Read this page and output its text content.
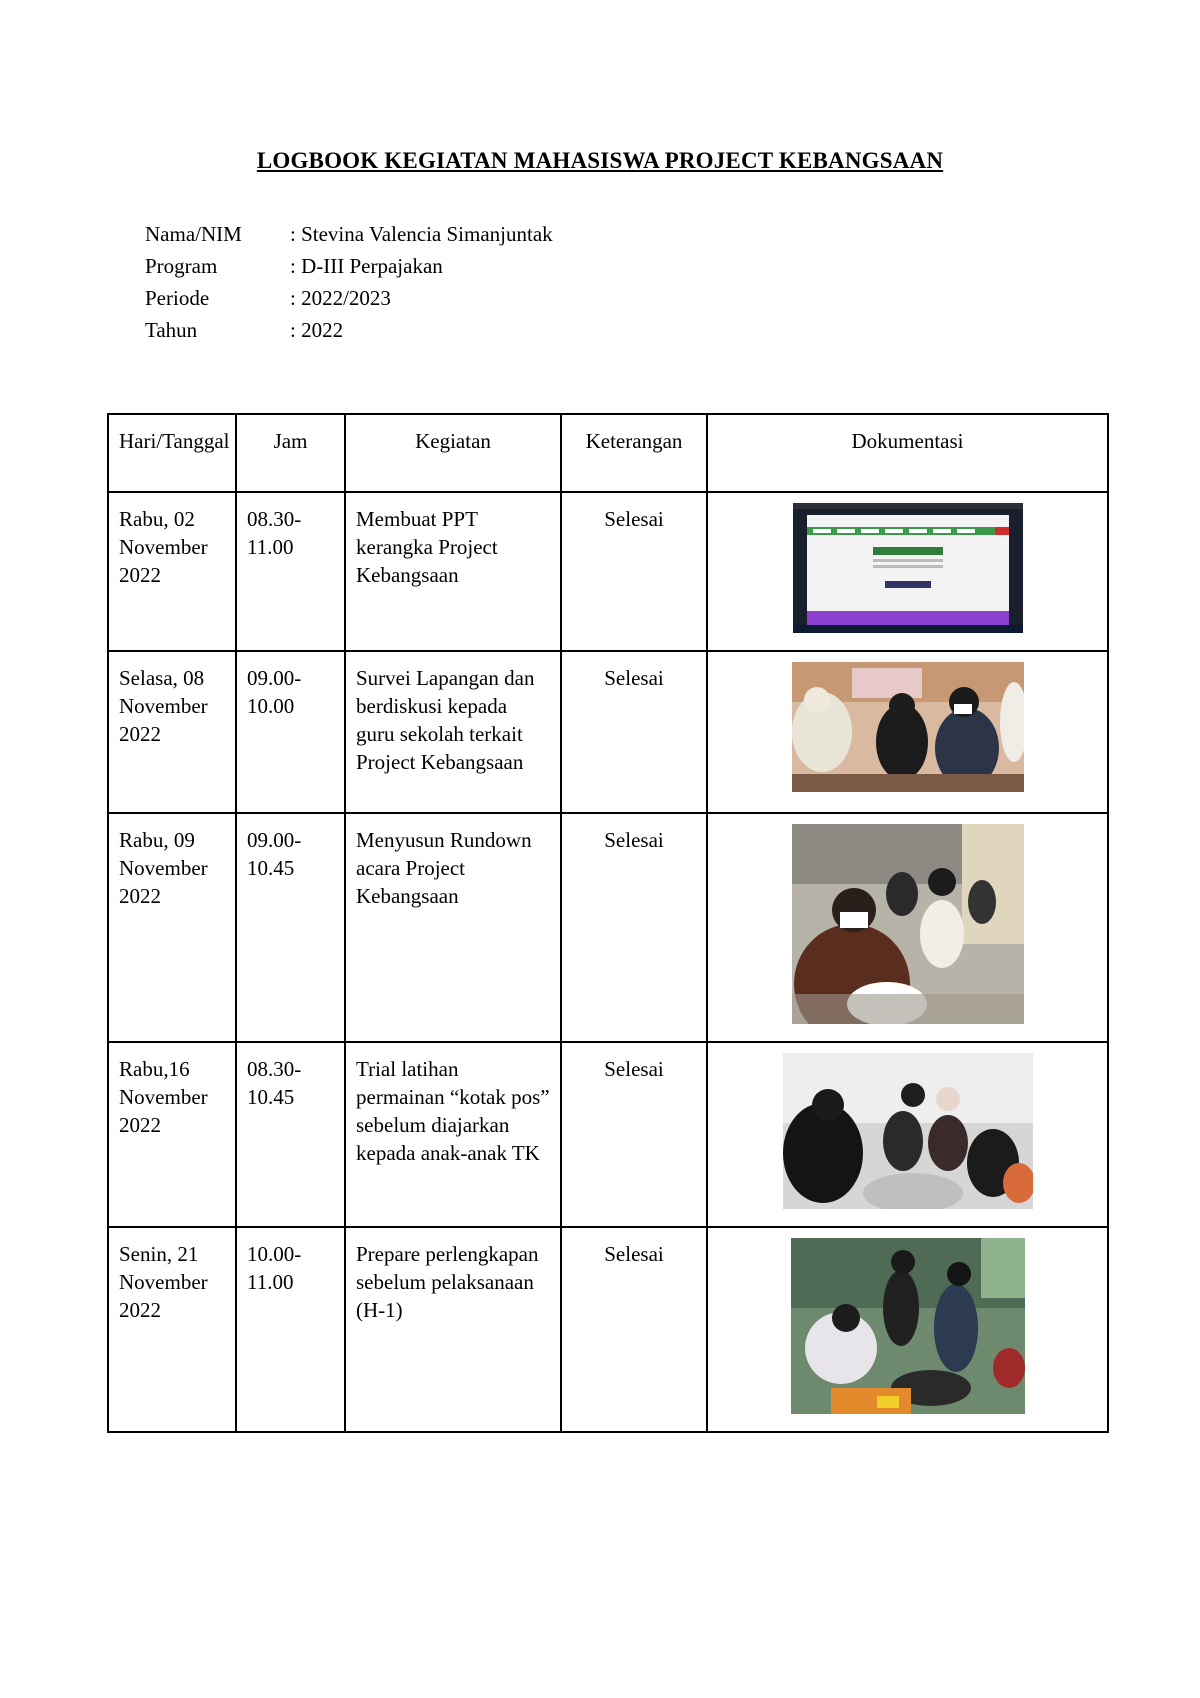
LOGBOOK KEGIATAN MAHASISWA PROJECT KEBANGSAAN
Nama/NIM	: Stevina Valencia Simanjuntak
Program	: D-III Perpajakan
Periode	: 2022/2023
Tahun	: 2022
Hari/Tanggal	Jam	Kegiatan	Keterangan	Dokumentasi
Rabu, 02 November 2022	08.30-11.00	Membuat PPT kerangka Project Kebangsaan	Selesai	
Selasa, 08 November 2022	09.00-10.00	Survei Lapangan dan berdiskusi kepada guru sekolah terkait Project Kebangsaan	Selesai	
Rabu, 09 November 2022	09.00-10.45	Menyusun Rundown acara Project Kebangsaan	Selesai	
Rabu,16 November 2022	08.30-10.45	Trial latihan permainan “kotak pos” sebelum diajarkan kepada anak-anak TK	Selesai	
Senin, 21 November 2022	10.00-11.00	Prepare perlengkapan sebelum pelaksanaan (H-1)	Selesai	
